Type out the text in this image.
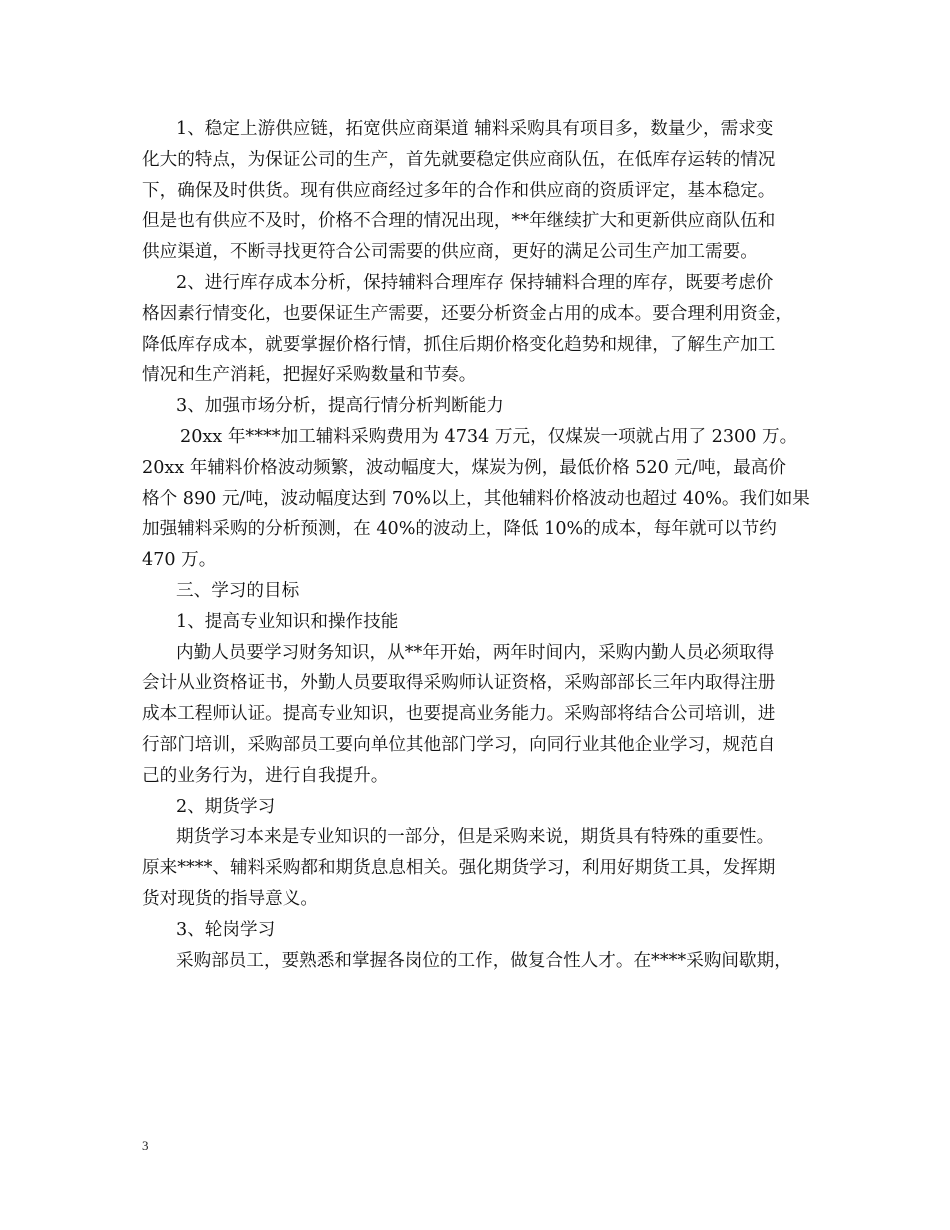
1、稳定上游供应链，拓宽供应商渠道 辅料采购具有项目多，数量少，需求变
化大的特点，为保证公司的生产，首先就要稳定供应商队伍，在低库存运转的情况
下，确保及时供货。现有供应商经过多年的合作和供应商的资质评定，基本稳定。
但是也有供应不及时，价格不合理的情况出现，**年继续扩大和更新供应商队伍和
供应渠道，不断寻找更符合公司需要的供应商，更好的满足公司生产加工需要。
2、进行库存成本分析，保持辅料合理库存 保持辅料合理的库存，既要考虑价
格因素行情变化，也要保证生产需要，还要分析资金占用的成本。要合理利用资金，
降低库存成本，就要掌握价格行情，抓住后期价格变化趋势和规律，了解生产加工
情况和生产消耗，把握好采购数量和节奏。
3、加强市场分析，提高行情分析判断能力
20xx 年****加工辅料采购费用为 4734 万元，仅煤炭一项就占用了 2300 万。
20xx 年辅料价格波动频繁，波动幅度大，煤炭为例，最低价格 520 元/吨，最高价
格个 890 元/吨，波动幅度达到 70%以上，其他辅料价格波动也超过 40%。我们如果
加强辅料采购的分析预测，在 40%的波动上，降低 10%的成本，每年就可以节约
470 万。
三、学习的目标
1、提高专业知识和操作技能
内勤人员要学习财务知识，从**年开始，两年时间内，采购内勤人员必须取得
会计从业资格证书，外勤人员要取得采购师认证资格，采购部部长三年内取得注册
成本工程师认证。提高专业知识，也要提高业务能力。采购部将结合公司培训，进
行部门培训，采购部员工要向单位其他部门学习，向同行业其他企业学习，规范自
己的业务行为，进行自我提升。
2、期货学习
期货学习本来是专业知识的一部分，但是采购来说，期货具有特殊的重要性。
原来****、辅料采购都和期货息息相关。强化期货学习，利用好期货工具，发挥期
货对现货的指导意义。
3、轮岗学习
采购部员工，要熟悉和掌握各岗位的工作，做复合性人才。在****采购间歇期，
3
